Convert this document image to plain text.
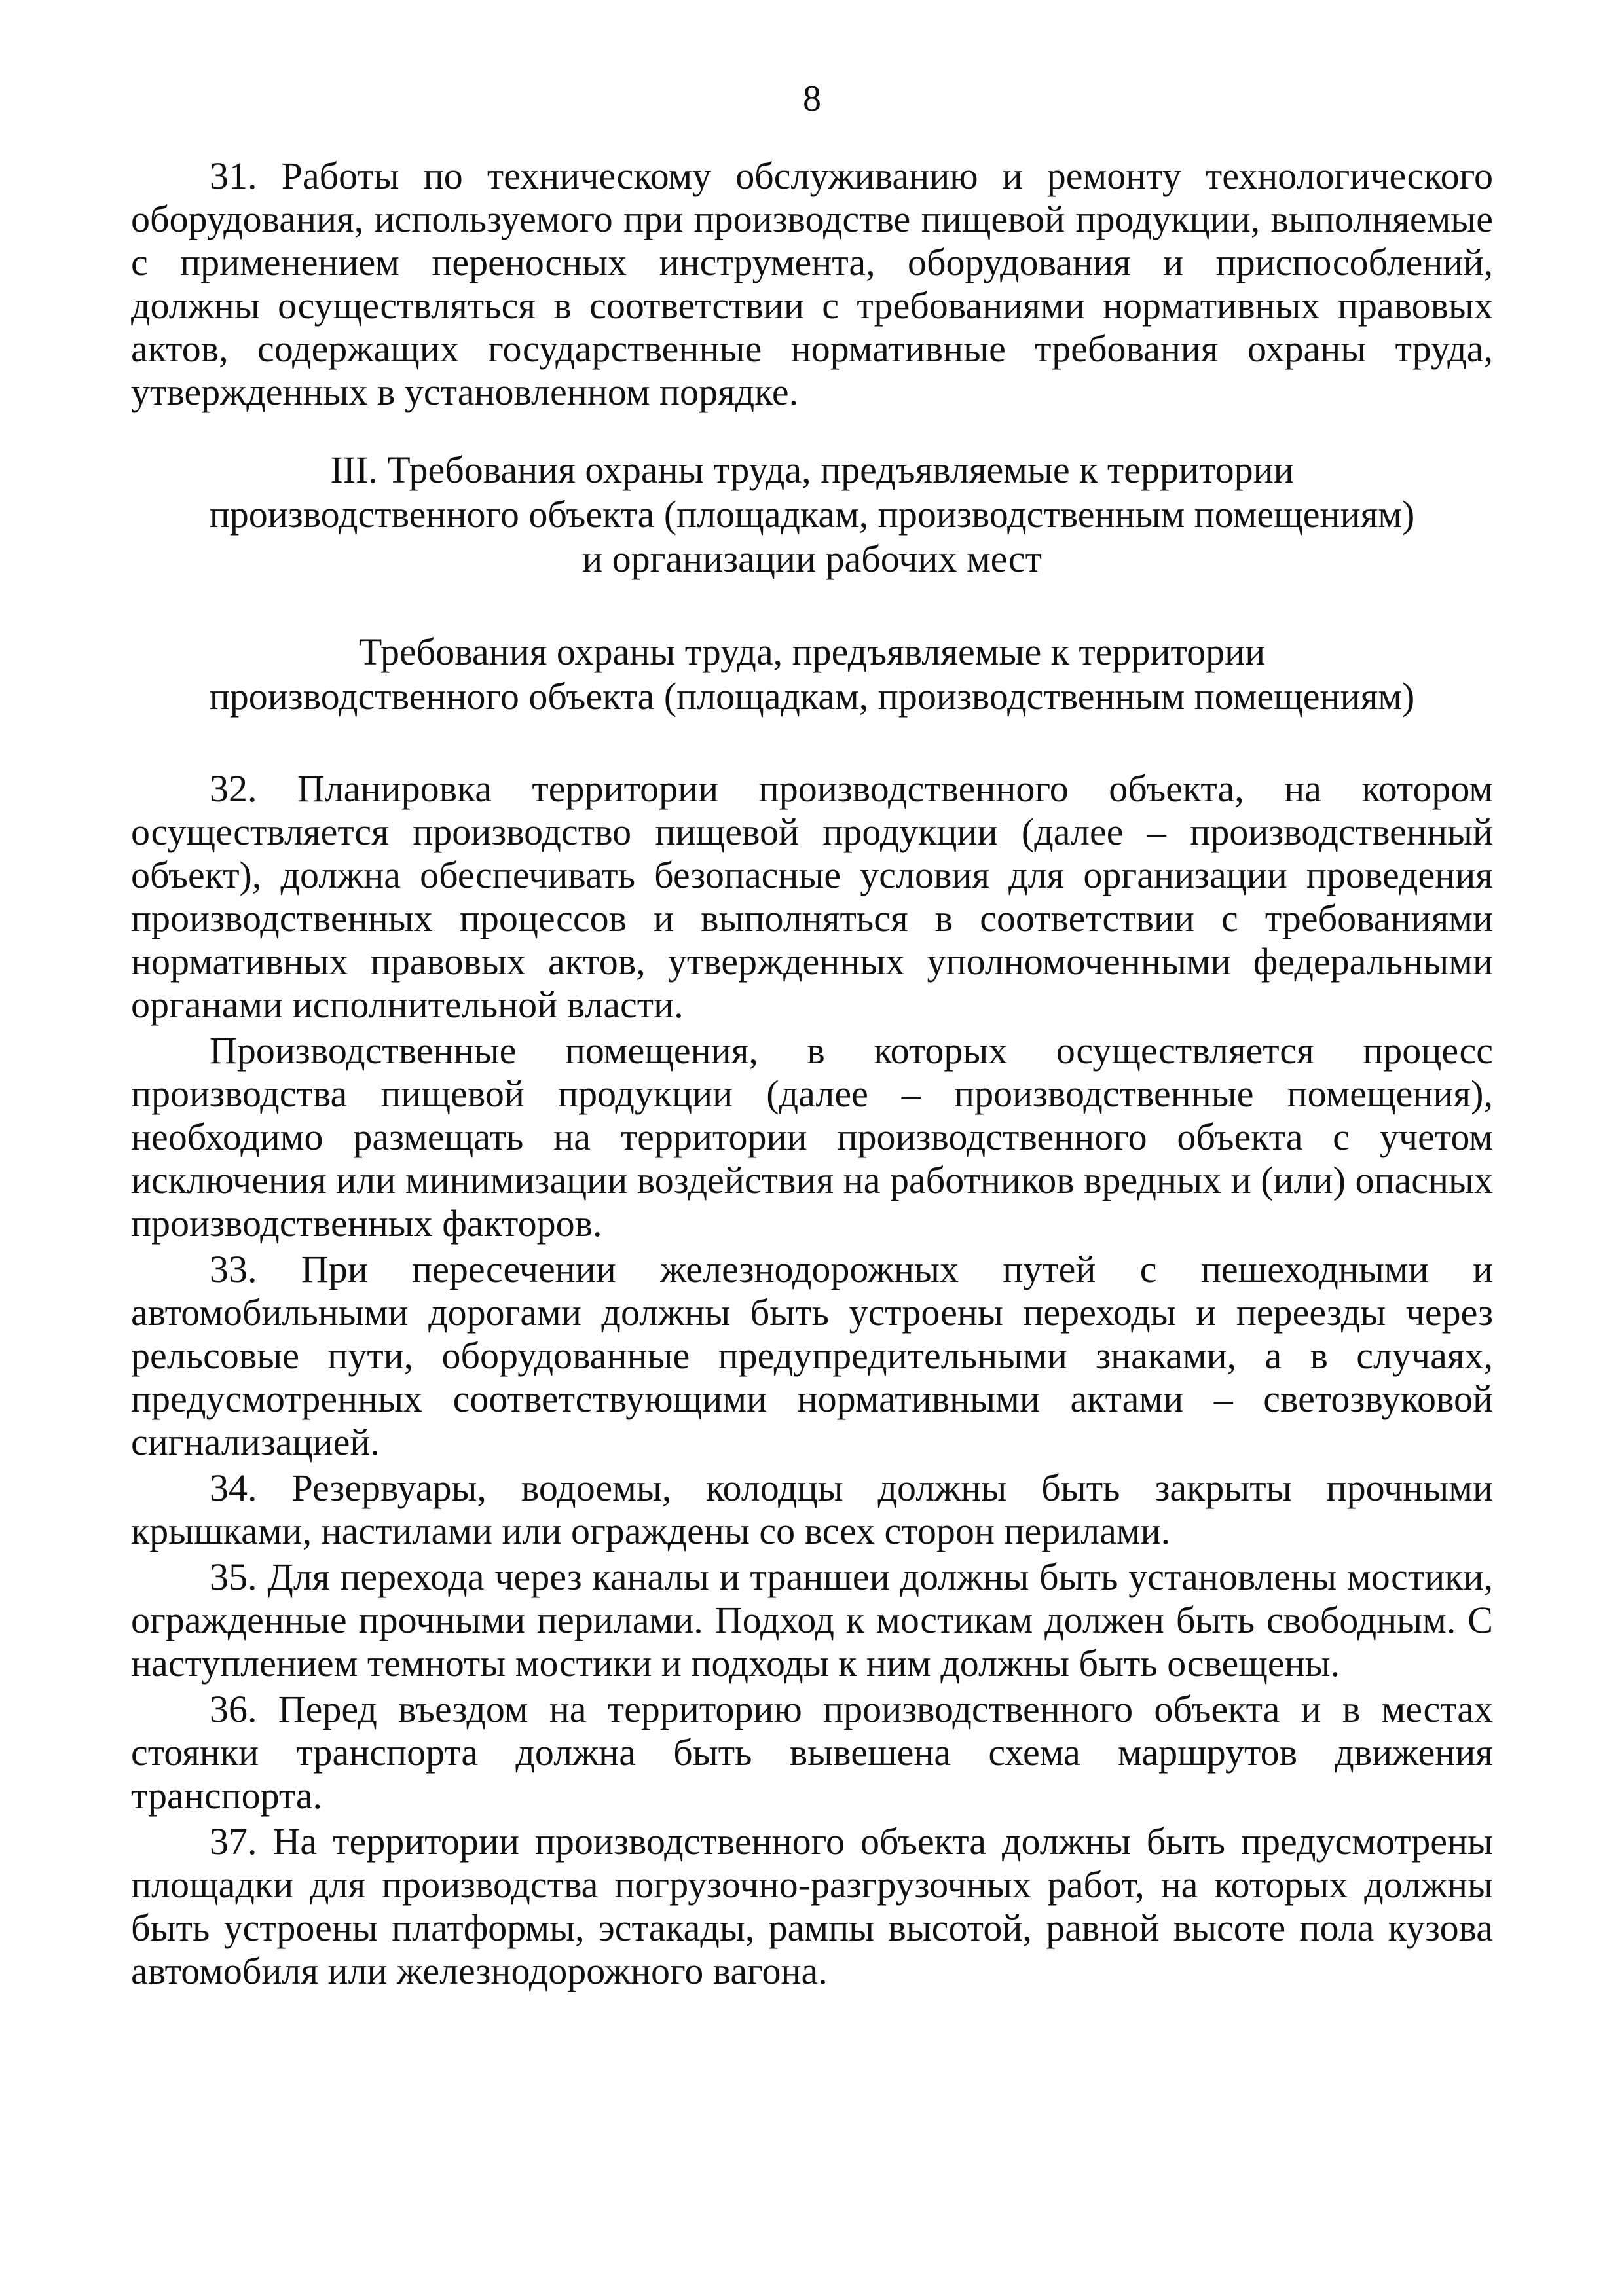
8

31. Работы по техническому обслуживанию и ремонту технологического оборудования, используемого при производстве пищевой продукции, выполняемые с применением переносных инструмента, оборудования и приспособлений, должны осуществляться в соответствии с требованиями нормативных правовых актов, содержащих государственные нормативные требования охраны труда, утвержденных в установленном порядке.

III. Требования охраны труда, предъявляемые к территории
производственного объекта (площадкам, производственным помещениям)
и организации рабочих мест
Требования охраны труда, предъявляемые к территории
производственного объекта (площадкам, производственным помещениям)

32. Планировка территории производственного объекта, на котором осуществляется производство пищевой продукции (далее – производственный объект), должна обеспечивать безопасные условия для организации проведения производственных процессов и выполняться в соответствии с требованиями нормативных правовых актов, утвержденных уполномоченными федеральными органами исполнительной власти.

Производственные помещения, в которых осуществляется процесс производства пищевой продукции (далее – производственные помещения), необходимо размещать на территории производственного объекта с учетом исключения или минимизации воздействия на работников вредных и (или) опасных производственных факторов.

33. При пересечении железнодорожных путей с пешеходными и автомобильными дорогами должны быть устроены переходы и переезды через рельсовые пути, оборудованные предупредительными знаками, а в случаях, предусмотренных соответствующими нормативными актами – светозвуковой сигнализацией.

34. Резервуары, водоемы, колодцы должны быть закрыты прочными крышками, настилами или ограждены со всех сторон перилами.

35. Для перехода через каналы и траншеи должны быть установлены мостики, огражденные прочными перилами. Подход к мостикам должен быть свободным. С наступлением темноты мостики и подходы к ним должны быть освещены.

36. Перед въездом на территорию производственного объекта и в местах стоянки транспорта должна быть вывешена схема маршрутов движения транспорта.

37. На территории производственного объекта должны быть предусмотрены площадки для производства погрузочно-разгрузочных работ, на которых должны быть устроены платформы, эстакады, рампы высотой, равной высоте пола кузова автомобиля или железнодорожного вагона.
